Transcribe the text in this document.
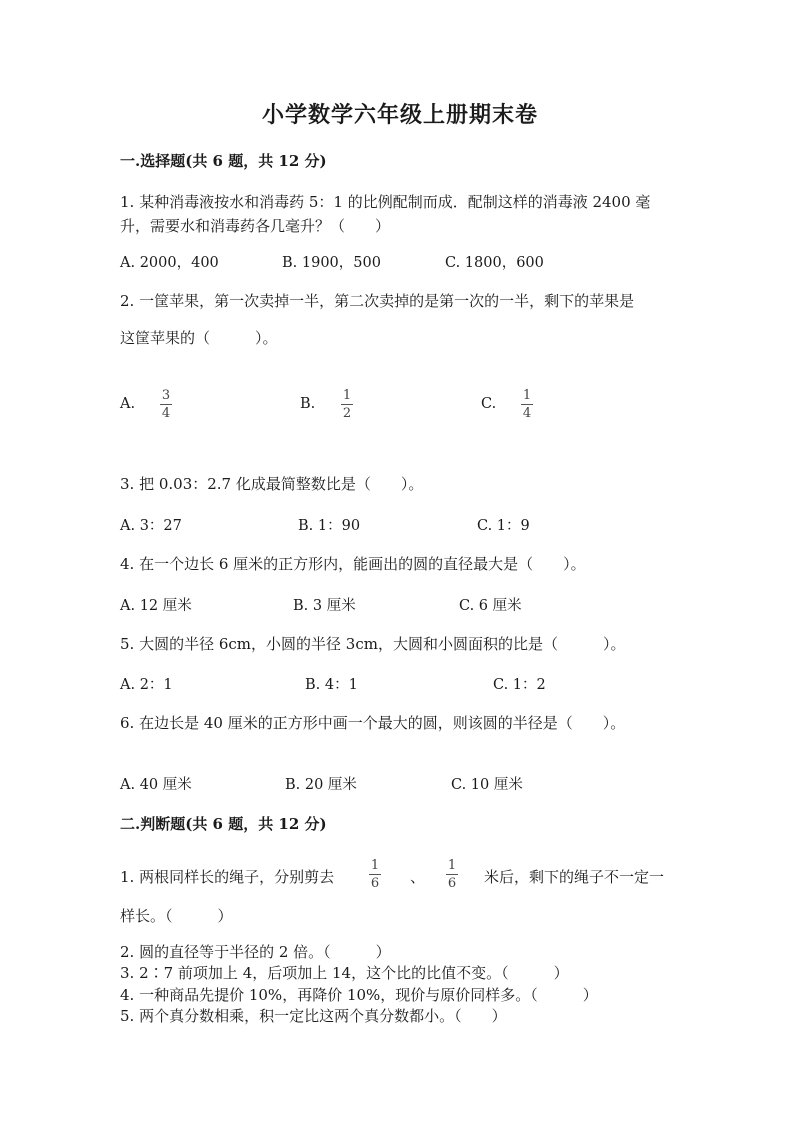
小学数学六年级上册期末卷
一.选择题(共 6 题，共 12 分)
1. 某种消毒液按水和消毒药 5：1 的比例配制而成．配制这样的消毒液 2400 毫
升，需要水和消毒药各几毫升？（　　）
A. 2000，400	B. 1900，500	C. 1800，600
2. 一筐苹果，第一次卖掉一半，第二次卖掉的是第一次的一半，剩下的苹果是
这筐苹果的（　　　）。
A.
3
4
B.
1
2
C.
1
4
3. 把 0.03：2.7 化成最简整数比是（　　）。
A. 3：27	B. 1：90	C. 1：9
4. 在一个边长 6 厘米的正方形内，能画出的圆的直径最大是（　　）。
A. 12 厘米	B. 3 厘米	C. 6 厘米
5. 大圆的半径 6cm，小圆的半径 3cm，大圆和小圆面积的比是（　　　）。
A. 2：1	B. 4：1	C. 1：2
6. 在边长是 40 厘米的正方形中画一个最大的圆，则该圆的半径是（　　）。
A. 40 厘米	B. 20 厘米	C. 10 厘米
二.判断题(共 6 题，共 12 分)
1. 两根同样长的绳子，分别剪去
1
6 、
1
6 米后，剩下的绳子不一定一
样长。（　　　）
2. 圆的直径等于半径的 2 倍。（　　　）
3. 2∶7 前项加上 4，后项加上 14，这个比的比值不变。（　　　）
4. 一种商品先提价 10%，再降价 10%，现价与原价同样多。（　　　）
5. 两个真分数相乘，积一定比这两个真分数都小。（　　）
